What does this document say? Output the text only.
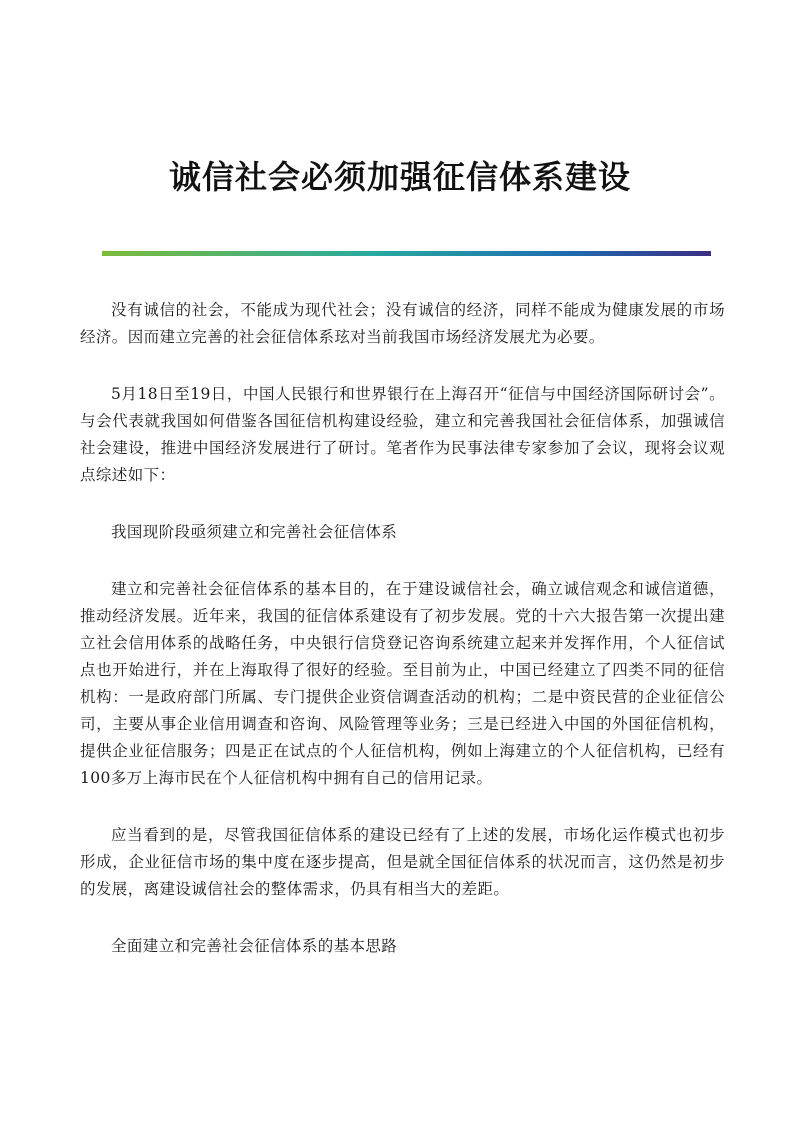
诚信社会必须加强征信体系建设

没有诚信的社会，不能成为现代社会；没有诚信的经济，同样不能成为健康发展的市场经济。因而建立完善的社会征信体系玹对当前我国市场经济发展尤为必要。

5月18日至19日，中国人民银行和世界银行在上海召开“征信与中国经济国际研讨会”。与会代表就我国如何借鉴各国征信机构建设经验，建立和完善我国社会征信体系，加强诚信社会建设，推进中国经济发展进行了研讨。笔者作为民事法律专家参加了会议，现将会议观点综述如下：

我国现阶段亟须建立和完善社会征信体系

建立和完善社会征信体系的基本目的，在于建设诚信社会，确立诚信观念和诚信道德，推动经济发展。近年来，我国的征信体系建设有了初步发展。党的十六大报告第一次提出建立社会信用体系的战略任务，中央银行信贷登记咨询系统建立起来并发挥作用，个人征信试点也开始进行，并在上海取得了很好的经验。至目前为止，中国已经建立了四类不同的征信机构：一是政府部门所属、专门提供企业资信调查活动的机构；二是中资民营的企业征信公司，主要从事企业信用调查和咨询、风险管理等业务；三是已经进入中国的外国征信机构，提供企业征信服务；四是正在试点的个人征信机构，例如上海建立的个人征信机构，已经有100多万上海市民在个人征信机构中拥有自己的信用记录。

应当看到的是，尽管我国征信体系的建设已经有了上述的发展，市场化运作模式也初步形成，企业征信市场的集中度在逐步提高，但是就全国征信体系的状况而言，这仍然是初步的发展，离建设诚信社会的整体需求，仍具有相当大的差距。

全面建立和完善社会征信体系的基本思路
